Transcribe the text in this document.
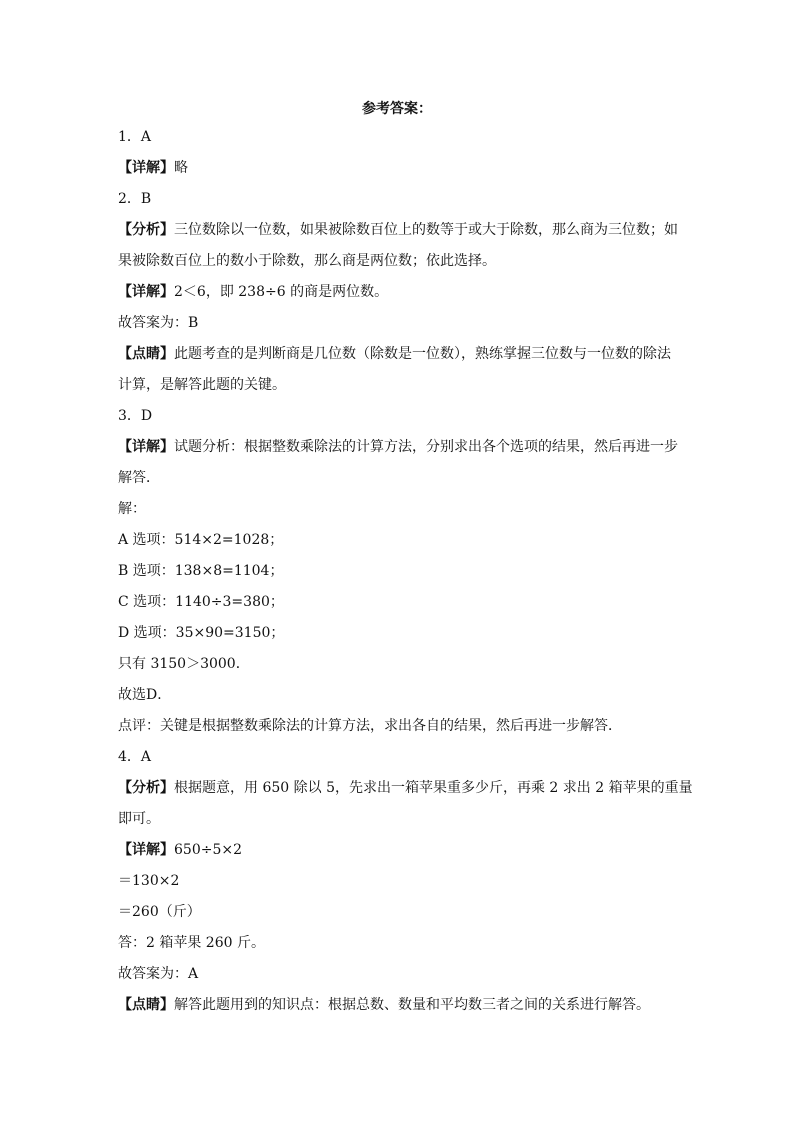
参考答案：
1．A
【详解】略
2．B
【分析】三位数除以一位数，如果被除数百位上的数等于或大于除数，那么商为三位数；如
果被除数百位上的数小于除数，那么商是两位数；依此选择。
【详解】2＜6，即 238÷6 的商是两位数。
故答案为：B
【点睛】此题考查的是判断商是几位数（除数是一位数），熟练掌握三位数与一位数的除法
计算，是解答此题的关键。
3．D
【详解】试题分析：根据整数乘除法的计算方法，分别求出各个选项的结果，然后再进一步
解答．
解：
A 选项：514×2=1028；
B 选项：138×8=1104；
C 选项：1140÷3=380；
D 选项：35×90=3150；
只有 3150＞3000．
故选D．
点评：关键是根据整数乘除法的计算方法，求出各自的结果，然后再进一步解答．
4．A
【分析】根据题意，用 650 除以 5，先求出一箱苹果重多少斤，再乘 2 求出 2 箱苹果的重量
即可。
【详解】650÷5×2
＝130×2
＝260（斤）
答：2 箱苹果 260 斤。
故答案为：A
【点睛】解答此题用到的知识点：根据总数、数量和平均数三者之间的关系进行解答。
